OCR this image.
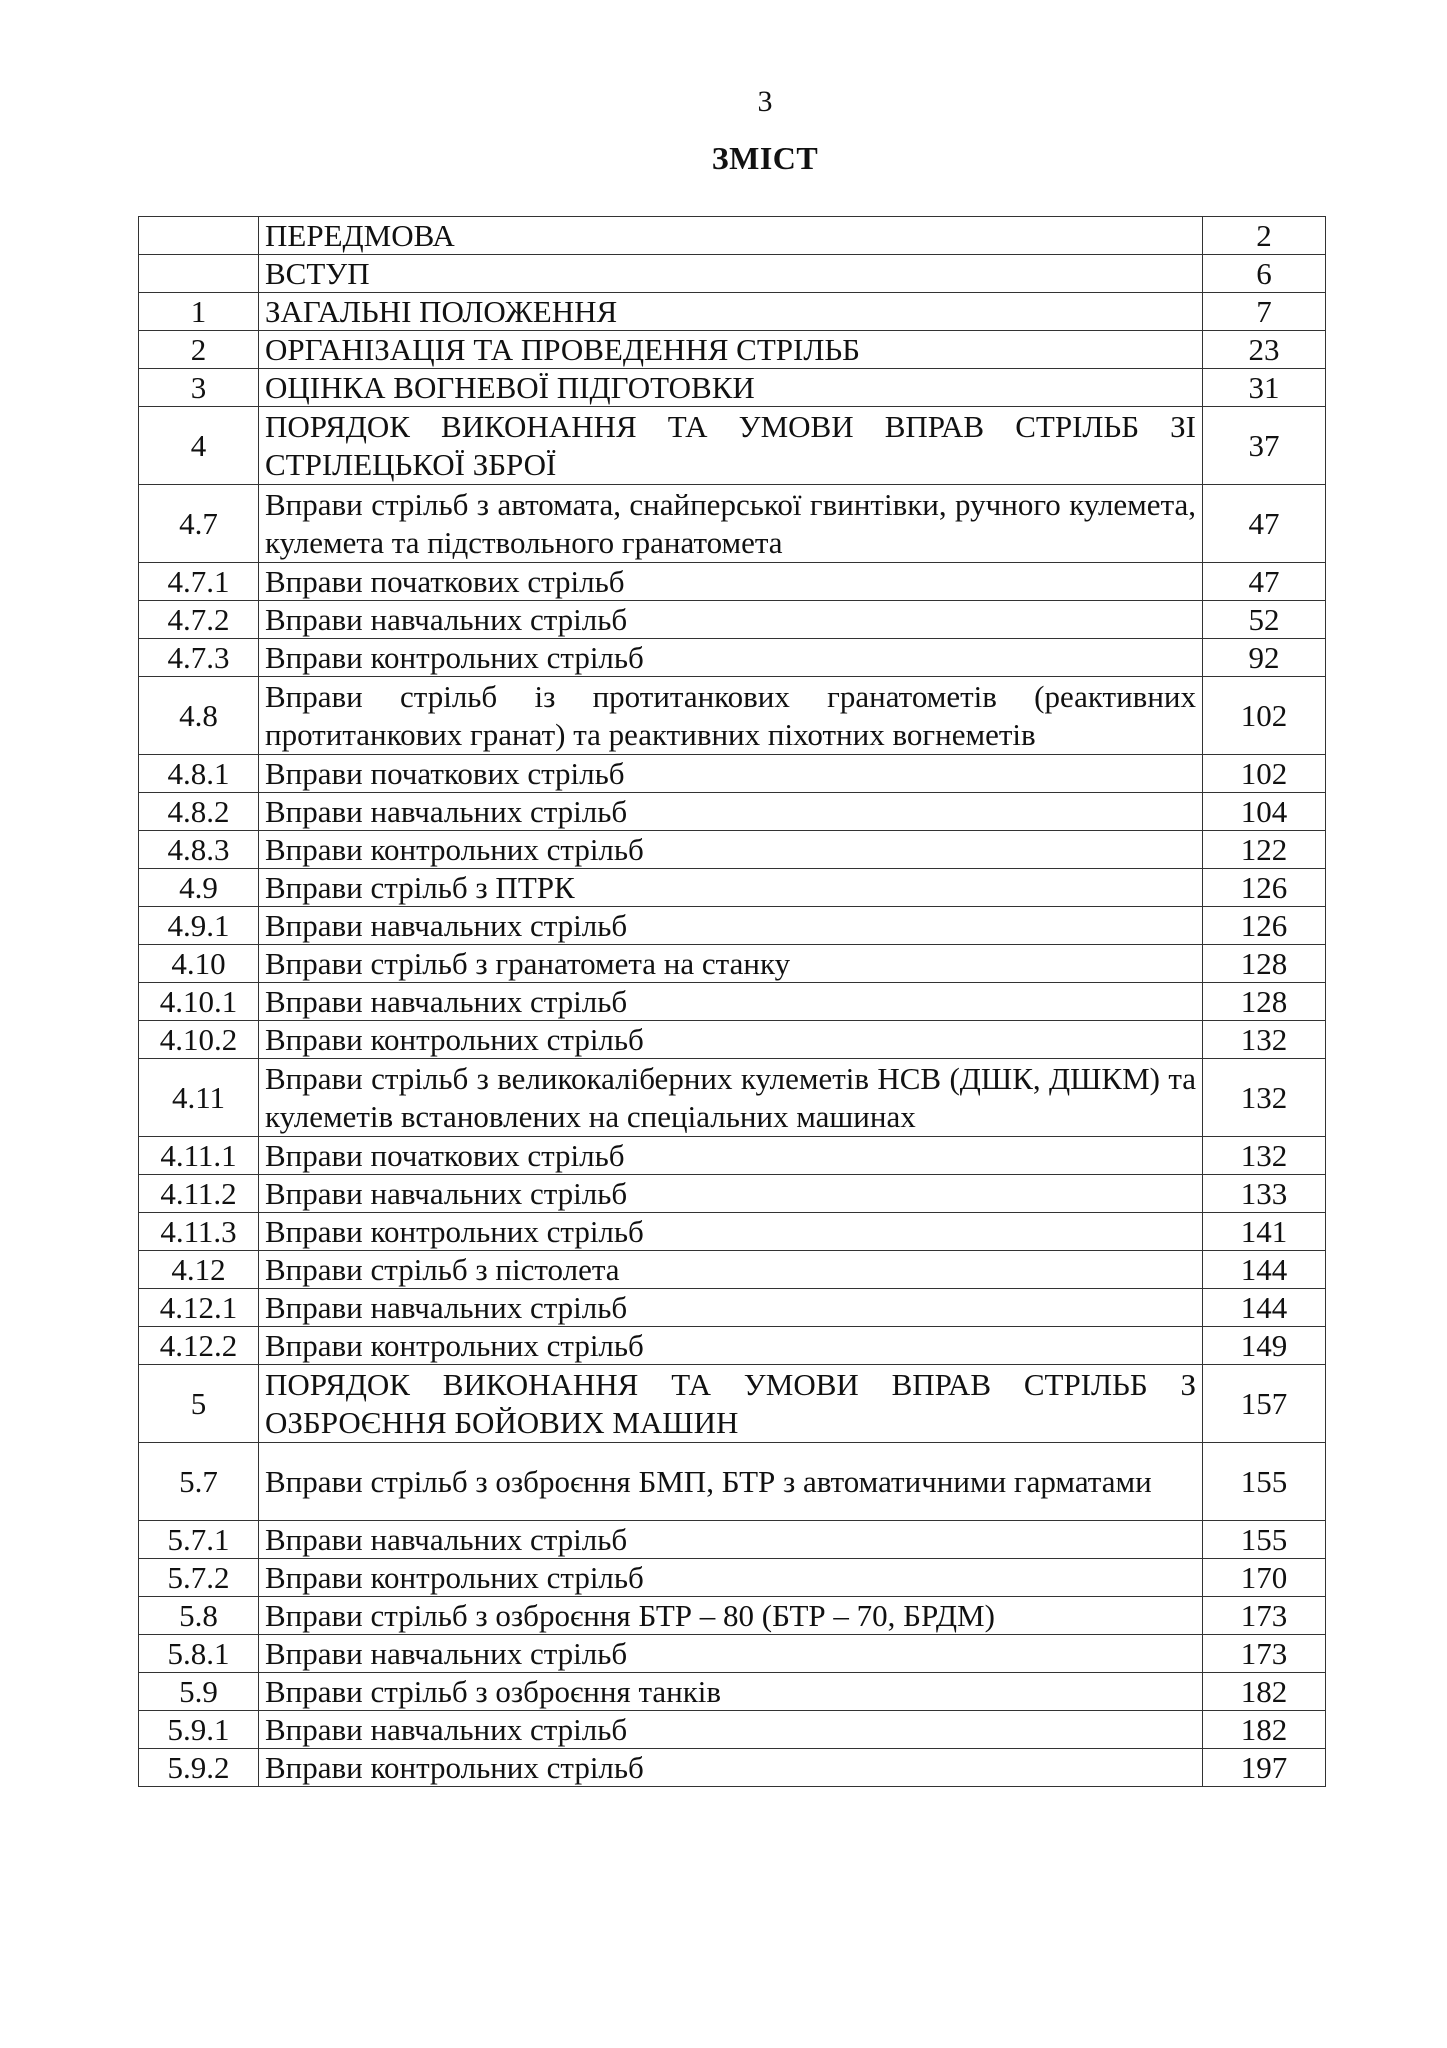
3
ЗМІСТ
	ПЕРЕДМОВА	2
	ВСТУП	6
1	ЗАГАЛЬНІ ПОЛОЖЕННЯ	7
2	ОРГАНІЗАЦІЯ ТА ПРОВЕДЕННЯ СТРІЛЬБ	23
3	ОЦІНКА ВОГНЕВОЇ ПІДГОТОВКИ	31
4	ПОРЯДОК ВИКОНАННЯ ТА УМОВИ ВПРАВ СТРІЛЬБ ЗІ СТРІЛЕЦЬКОЇ ЗБРОЇ	37
4.7	Вправи стрільб з автомата, снайперської гвинтівки, ручного кулемета, кулемета та підствольного гранатомета	47
4.7.1	Вправи початкових стрільб	47
4.7.2	Вправи навчальних стрільб	52
4.7.3	Вправи контрольних стрільб	92
4.8	Вправи стрільб із протитанкових гранатометів (реактивних протитанкових гранат) та реактивних піхотних вогнеметів	102
4.8.1	Вправи початкових стрільб	102
4.8.2	Вправи навчальних стрільб	104
4.8.3	Вправи контрольних стрільб	122
4.9	Вправи стрільб з ПТРК	126
4.9.1	Вправи навчальних стрільб	126
4.10	Вправи стрільб з гранатомета на станку	128
4.10.1	Вправи навчальних стрільб	128
4.10.2	Вправи контрольних стрільб	132
4.11	Вправи стрільб з великокаліберних кулеметів НСВ (ДШК, ДШКМ) та кулеметів встановлених на спеціальних машинах	132
4.11.1	Вправи початкових стрільб	132
4.11.2	Вправи навчальних стрільб	133
4.11.3	Вправи контрольних стрільб	141
4.12	Вправи стрільб з пістолета	144
4.12.1	Вправи навчальних стрільб	144
4.12.2	Вправи контрольних стрільб	149
5	ПОРЯДОК ВИКОНАННЯ ТА УМОВИ ВПРАВ СТРІЛЬБ З ОЗБРОЄННЯ БОЙОВИХ МАШИН	157
5.7	Вправи стрільб з озброєння БМП, БТР з автоматичними гарматами	155
5.7.1	Вправи навчальних стрільб	155
5.7.2	Вправи контрольних стрільб	170
5.8	Вправи стрільб з озброєння БТР – 80 (БТР – 70, БРДМ)	173
5.8.1	Вправи навчальних стрільб	173
5.9	Вправи стрільб з озброєння танків	182
5.9.1	Вправи навчальних стрільб	182
5.9.2	Вправи контрольних стрільб	197
